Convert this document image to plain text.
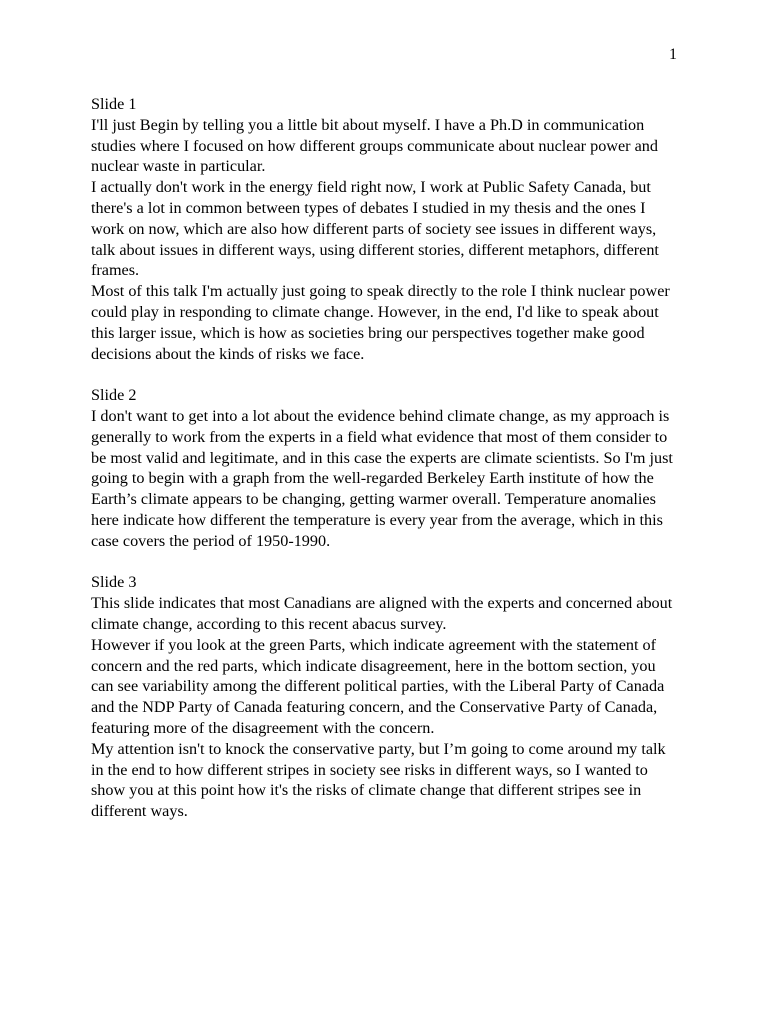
1

Slide 1

I'll just Begin by telling you a little bit about myself. I have a Ph.D in communication studies where I focused on how different groups communicate about nuclear power and nuclear waste in particular.

I actually don't work in the energy field right now, I work at Public Safety Canada, but there's a lot in common between types of debates I studied in my thesis and the ones I work on now, which are also how different parts of society see issues in different ways, talk about issues in different ways, using different stories, different metaphors, different frames.

Most of this talk I'm actually just going to speak directly to the role I think nuclear power could play in responding to climate change. However, in the end, I'd like to speak about this larger issue, which is how as societies bring our perspectives together make good decisions about the kinds of risks we face.

Slide 2

I don't want to get into a lot about the evidence behind climate change, as my approach is generally to work from the experts in a field what evidence that most of them consider to be most valid and legitimate, and in this case the experts are climate scientists. So I'm just going to begin with a graph from the well-regarded Berkeley Earth institute of how the Earth’s climate appears to be changing, getting warmer overall. Temperature anomalies here indicate how different the temperature is every year from the average, which in this case covers the period of 1950-1990.

Slide 3

This slide indicates that most Canadians are aligned with the experts and concerned about climate change, according to this recent abacus survey.

However if you look at the green Parts, which indicate agreement with the statement of concern and the red parts, which indicate disagreement, here in the bottom section, you can see variability among the different political parties, with the Liberal Party of Canada and the NDP Party of Canada featuring concern, and the Conservative Party of Canada, featuring more of the disagreement with the concern.

My attention isn't to knock the conservative party, but I’m going to come around my talk in the end to how different stripes in society see risks in different ways, so I wanted to show you at this point how it's the risks of climate change that different stripes see in different ways.
